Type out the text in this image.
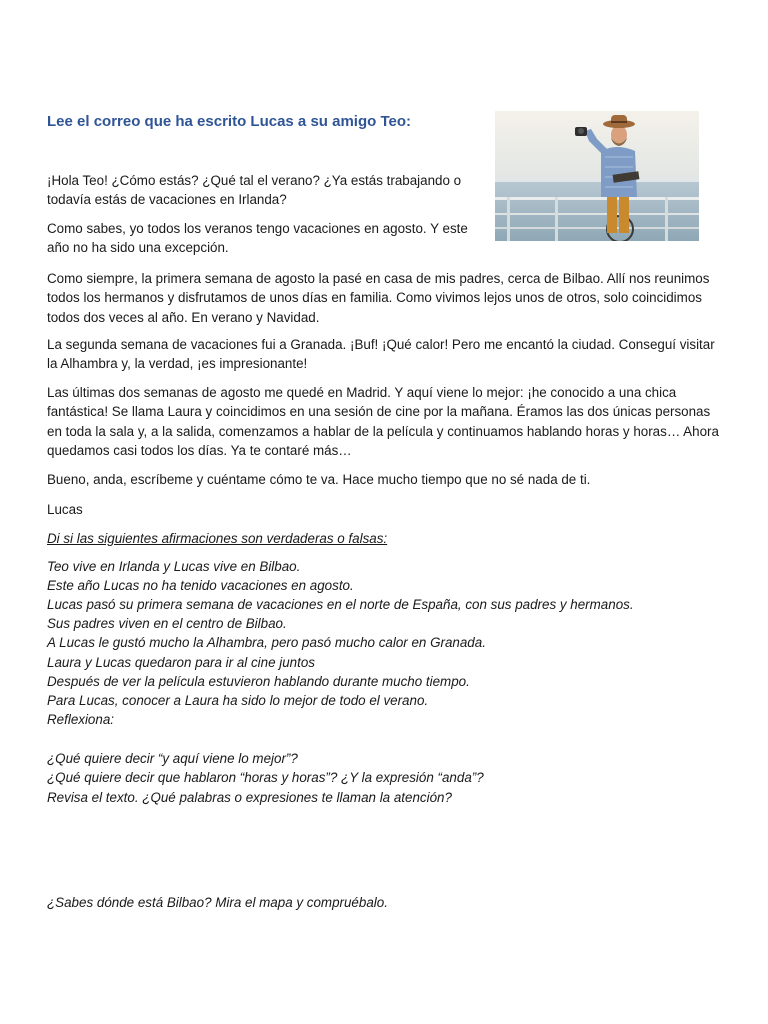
Lee el correo que ha escrito Lucas a su amigo Teo:

¡Hola Teo! ¿Cómo estás? ¿Qué tal el verano? ¿Ya estás trabajando o todavía estás de vacaciones en Irlanda?

Como sabes, yo todos los veranos tengo vacaciones en agosto. Y este año no ha sido una excepción.

Como siempre, la primera semana de agosto la pasé en casa de mis padres, cerca de Bilbao. Allí nos reunimos todos los hermanos y disfrutamos de unos días en familia. Como vivimos lejos unos de otros, solo coincidimos todos dos veces al año. En verano y Navidad.

La segunda semana de vacaciones fui a Granada. ¡Buf! ¡Qué calor! Pero me encantó la ciudad. Conseguí visitar la Alhambra y, la verdad, ¡es impresionante!

Las últimas dos semanas de agosto me quedé en Madrid. Y aquí viene lo mejor: ¡he conocido a una chica fantástica! Se llama Laura y coincidimos en una sesión de cine por la mañana. Éramos las dos únicas personas en toda la sala y, a la salida, comenzamos a hablar de la película y continuamos hablando horas y horas… Ahora quedamos casi todos los días. Ya te contaré más…

Bueno, anda, escríbeme y cuéntame cómo te va. Hace mucho tiempo que no sé nada de ti.

Lucas

Di si las siguientes afirmaciones son verdaderas o falsas:

Teo vive en Irlanda y Lucas vive en Bilbao.
Este año Lucas no ha tenido vacaciones en agosto.
Lucas pasó su primera semana de vacaciones en el norte de España, con sus padres y hermanos.
Sus padres viven en el centro de Bilbao.
A Lucas le gustó mucho la Alhambra, pero pasó mucho calor en Granada.
Laura y Lucas quedaron para ir al cine juntos
Después de ver la película estuvieron hablando durante mucho tiempo.
Para Lucas, conocer a Laura ha sido lo mejor de todo el verano.
Reflexiona:
¿Qué quiere decir “y aquí viene lo mejor”?
¿Qué quiere decir que hablaron “horas y horas”? ¿Y la expresión “anda”?
Revisa el texto. ¿Qué palabras o expresiones te llaman la atención?
¿Sabes dónde está Bilbao? Mira el mapa y compruébalo.
